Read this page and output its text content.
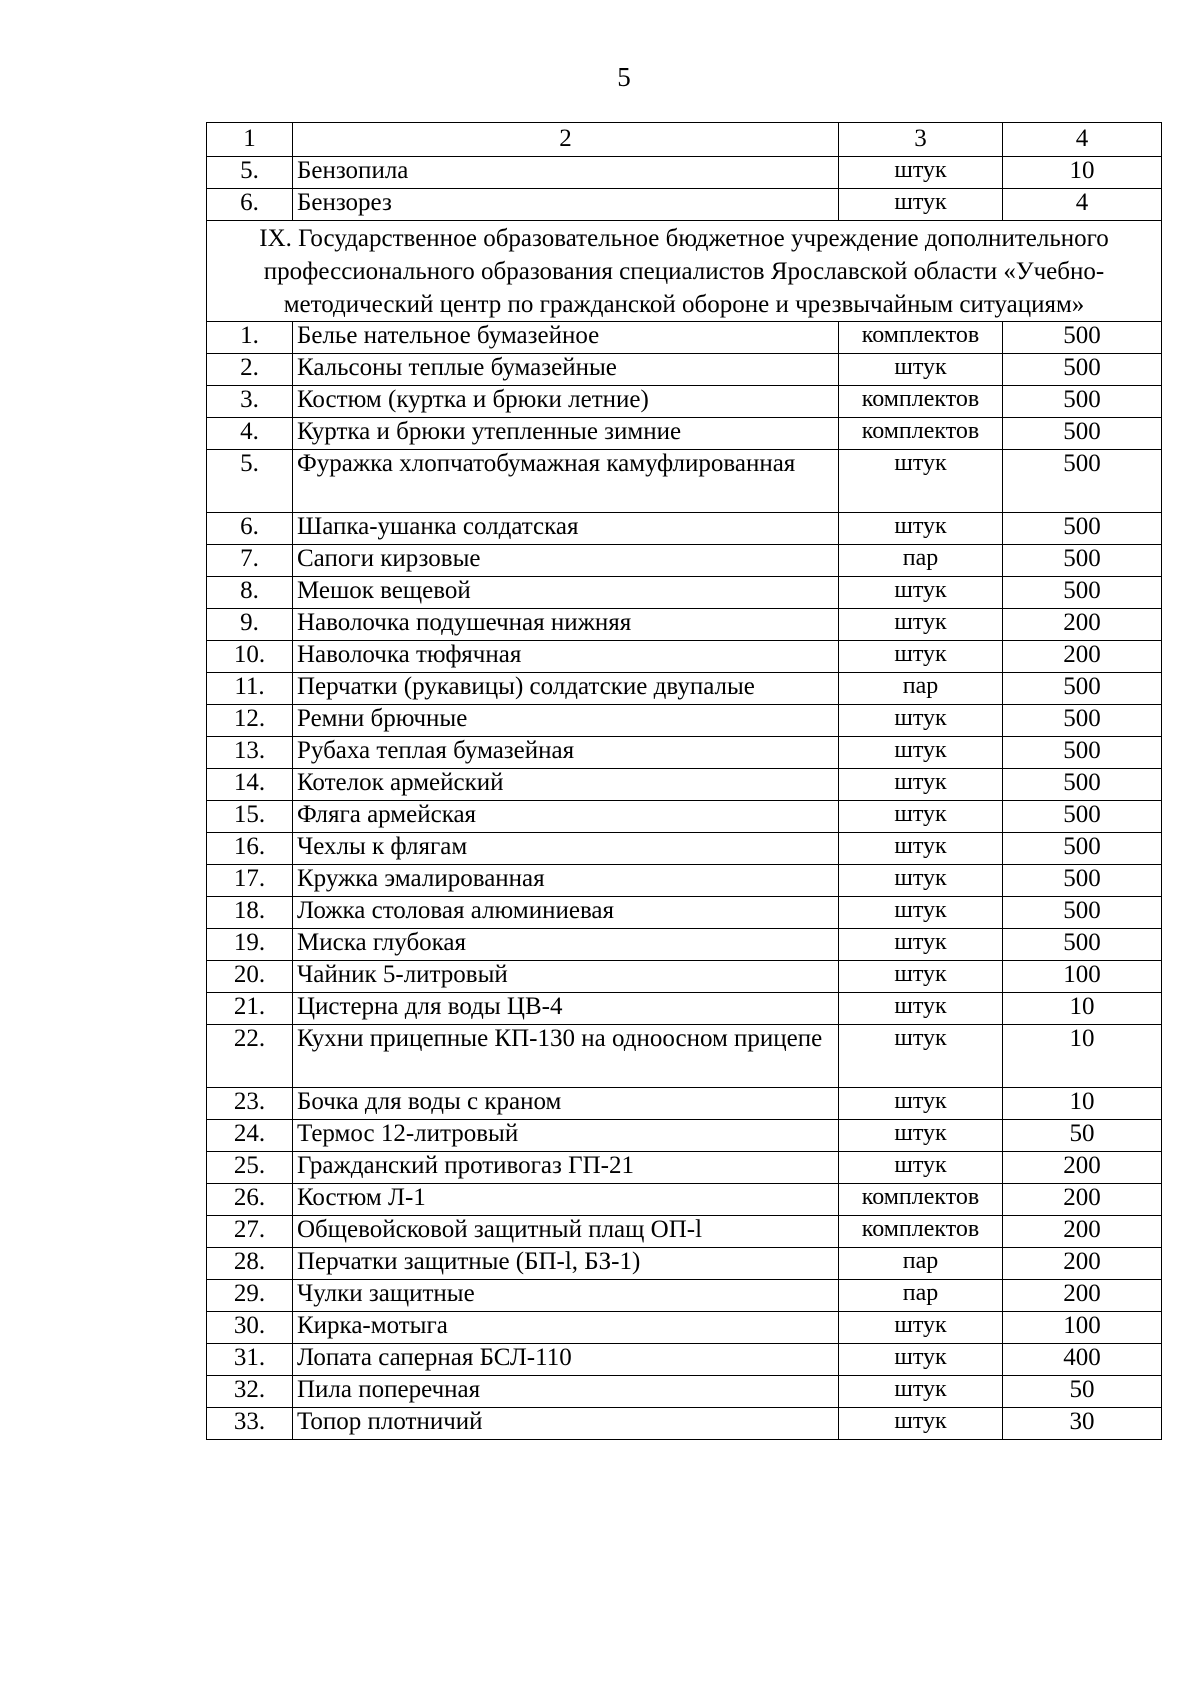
5
1	2	3	4
5.	Бензопила	штук	10
6.	Бензорез	штук	4
IX. Государственное образовательное бюджетное учреждение дополнительного профессионального образования специалистов Ярославской области «Учебно-методический центр по гражданской обороне и чрезвычайным ситуациям»			
1.	Белье нательное бумазейное	комплектов	500
2.	Кальсоны теплые бумазейные	штук	500
3.	Костюм (куртка и брюки летние)	комплектов	500
4.	Куртка и брюки утепленные зимние	комплектов	500
5.	Фуражка хлопчатобумажная камуфлированная	штук	500
6.	Шапка-ушанка солдатская	штук	500
7.	Сапоги кирзовые	пар	500
8.	Мешок вещевой	штук	500
9.	Наволочка подушечная нижняя	штук	200
10.	Наволочка тюфячная	штук	200
11.	Перчатки (рукавицы) солдатские двупалые	пар	500
12.	Ремни брючные	штук	500
13.	Рубаха теплая бумазейная	штук	500
14.	Котелок армейский	штук	500
15.	Фляга армейская	штук	500
16.	Чехлы к флягам	штук	500
17.	Кружка эмалированная	штук	500
18.	Ложка столовая алюминиевая	штук	500
19.	Миска глубокая	штук	500
20.	Чайник 5-литровый	штук	100
21.	Цистерна для воды ЦВ-4	штук	10
22.	Кухни прицепные КП-130 на одноосном прицепе	штук	10
23.	Бочка для воды с краном	штук	10
24.	Термос 12-литровый	штук	50
25.	Гражданский противогаз ГП-21	штук	200
26.	Костюм Л-1	комплектов	200
27.	Общевойсковой защитный плащ ОП-l	комплектов	200
28.	Перчатки защитные (БП-l, БЗ-1)	пар	200
29.	Чулки защитные	пар	200
30.	Кирка-мотыга	штук	100
31.	Лопата саперная БСЛ-110	штук	400
32.	Пила поперечная	штук	50
33.	Топор плотничий	штук	30
